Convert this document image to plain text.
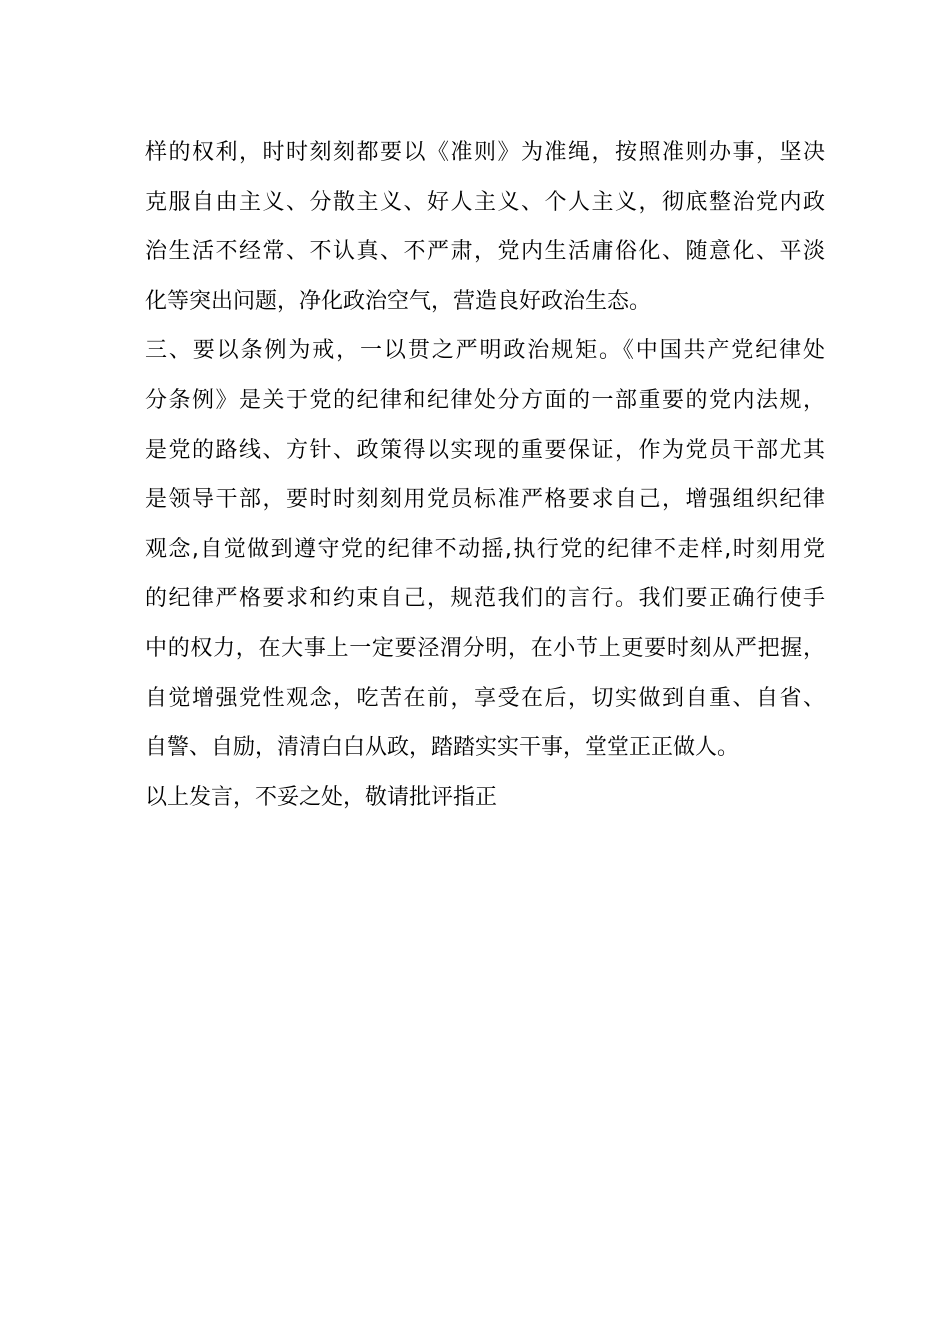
样的权利，时时刻刻都要以《准则》为准绳，按照准则办事，坚决
克服自由主义、分散主义、好人主义、个人主义，彻底整治党内政
治生活不经常、不认真、不严肃，党内生活庸俗化、随意化、平淡
化等突出问题，净化政治空气，营造良好政治生态。
三、要以条例为戒，一以贯之严明政治规矩。《中国共产党纪律处
分条例》是关于党的纪律和纪律处分方面的一部重要的党内法规，
是党的路线、方针、政策得以实现的重要保证，作为党员干部尤其
是领导干部，要时时刻刻用党员标准严格要求自己，增强组织纪律
观念,自觉做到遵守党的纪律不动摇,执行党的纪律不走样,时刻用党
的纪律严格要求和约束自己，规范我们的言行。我们要正确行使手
中的权力，在大事上一定要泾渭分明，在小节上更要时刻从严把握，
自觉增强党性观念，吃苦在前，享受在后，切实做到自重、自省、
自警、自励，清清白白从政，踏踏实实干事，堂堂正正做人。
以上发言，不妥之处，敬请批评指正
